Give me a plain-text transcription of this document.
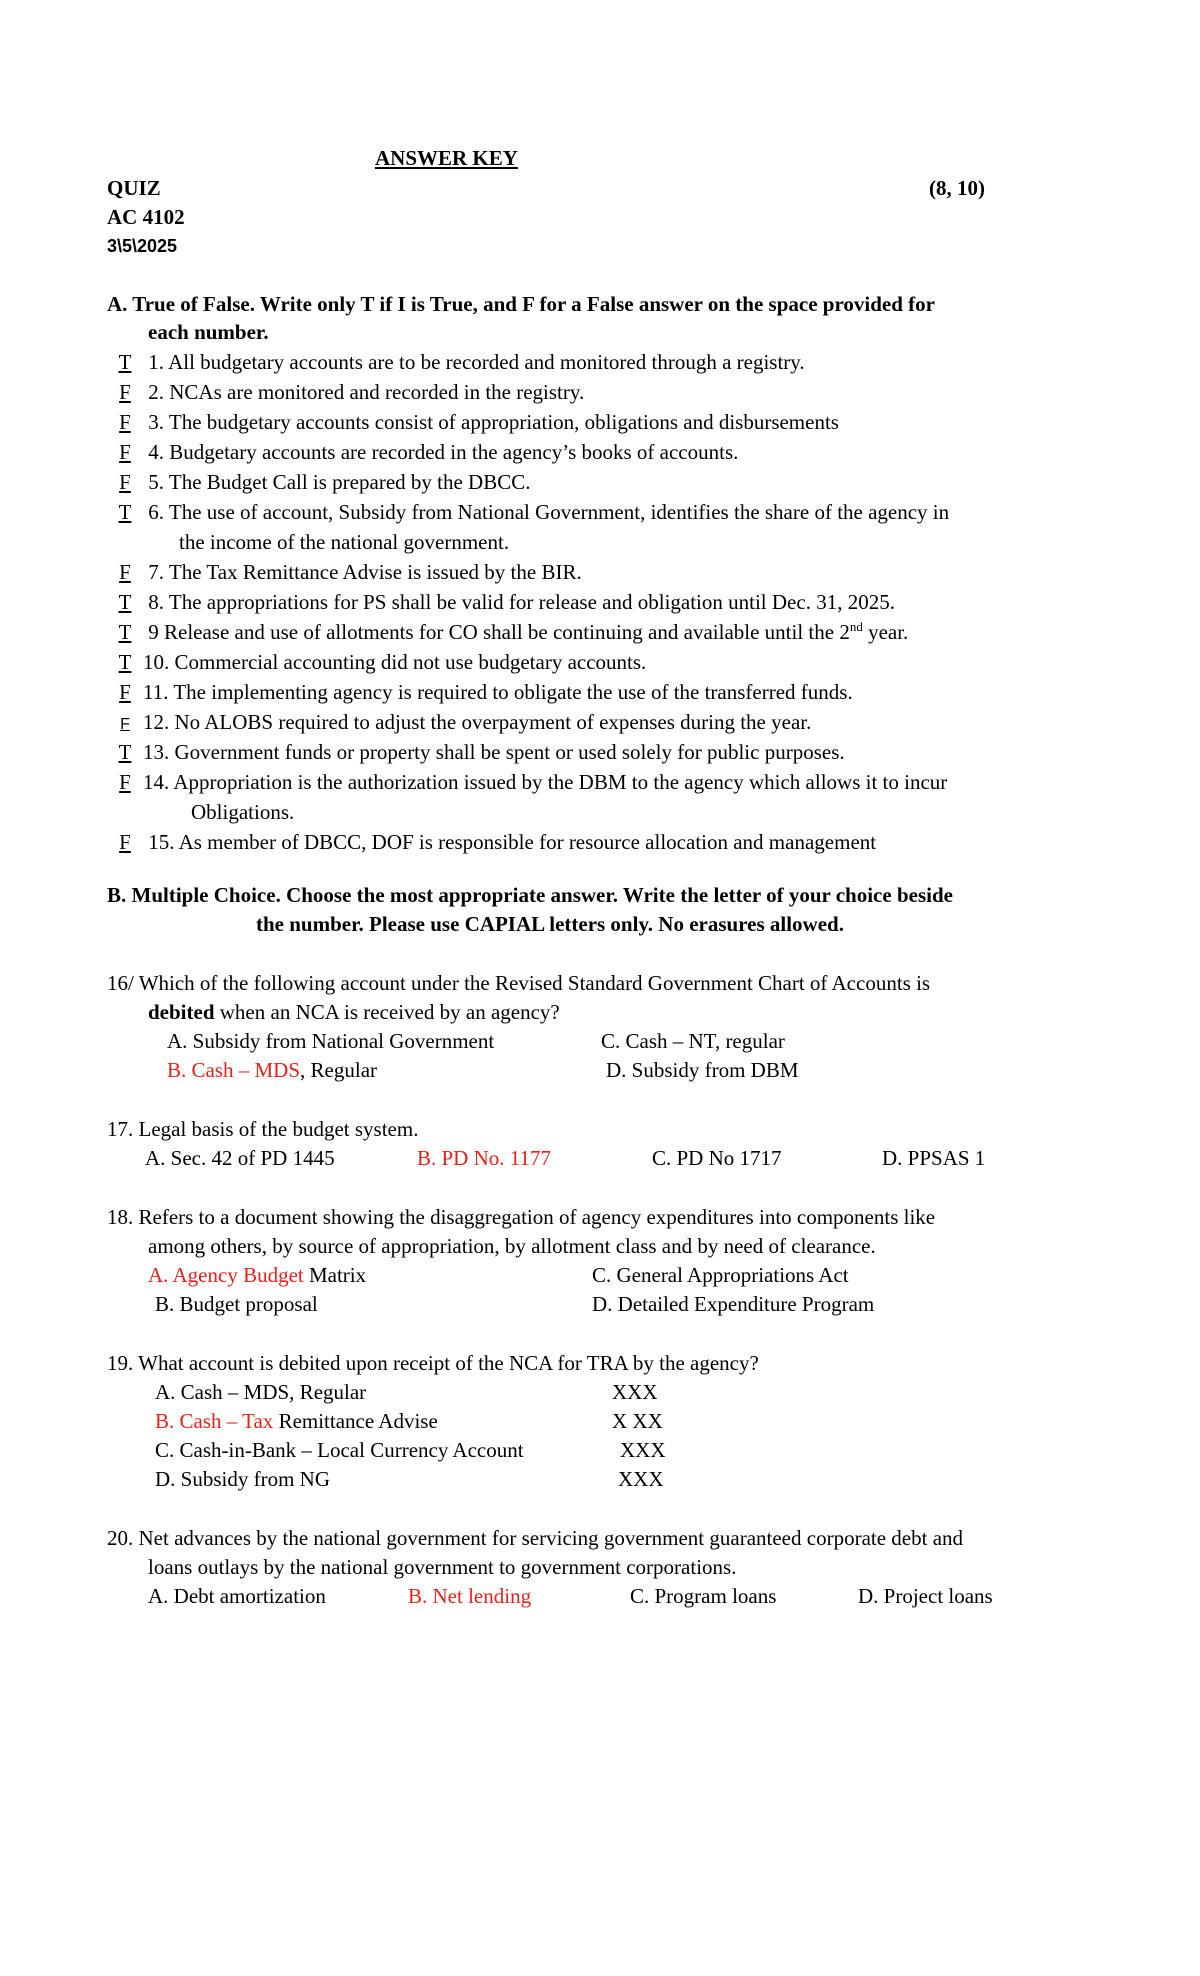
ANSWER KEY
QUIZ	(8, 10)
AC 4102
3\5\2025
A. True of False. Write only T if I is True, and F for a False answer on the space provided for
each number.
T 1. All budgetary accounts are to be recorded and monitored through a registry.
F 2. NCAs are monitored and recorded in the registry.
F 3. The budgetary accounts consist of appropriation, obligations and disbursements
F 4. Budgetary accounts are recorded in the agency’s books of accounts.
F 5. The Budget Call is prepared by the DBCC.
T 6. The use of account, Subsidy from National Government, identifies the share of the agency in
the income of the national government.
F 7. The Tax Remittance Advise is issued by the BIR.
T 8. The appropriations for PS shall be valid for release and obligation until Dec. 31, 2025.
T 9 Release and use of allotments for CO shall be continuing and available until the 2nd year.
T 10. Commercial accounting did not use budgetary accounts.
F 11. The implementing agency is required to obligate the use of the transferred funds.
F 12. No ALOBS required to adjust the overpayment of expenses during the year.
T 13. Government funds or property shall be spent or used solely for public purposes.
F 14. Appropriation is the authorization issued by the DBM to the agency which allows it to incur
Obligations.
F 15. As member of DBCC, DOF is responsible for resource allocation and management
B. Multiple Choice. Choose the most appropriate answer. Write the letter of your choice beside
the number. Please use CAPIAL letters only. No erasures allowed.
16/ Which of the following account under the Revised Standard Government Chart of Accounts is
debited when an NCA is received by an agency?
A. Subsidy from National Government	C. Cash – NT, regular
B. Cash – MDS, Regular	D. Subsidy from DBM
17. Legal basis of the budget system.
A. Sec. 42 of PD 1445	B. PD No. 1177	C. PD No 1717	D. PPSAS 1
18. Refers to a document showing the disaggregation of agency expenditures into components like
among others, by source of appropriation, by allotment class and by need of clearance.
A. Agency Budget Matrix	C. General Appropriations Act
B. Budget proposal	D. Detailed Expenditure Program
19. What account is debited upon receipt of the NCA for TRA by the agency?
A. Cash – MDS, Regular	XXX
B. Cash – Tax Remittance Advise	X XX
C. Cash-in-Bank – Local Currency Account	XXX
D. Subsidy from NG	XXX
20. Net advances by the national government for servicing government guaranteed corporate debt and
loans outlays by the national government to government corporations.
A. Debt amortization	B. Net lending	C. Program loans	D. Project loans
